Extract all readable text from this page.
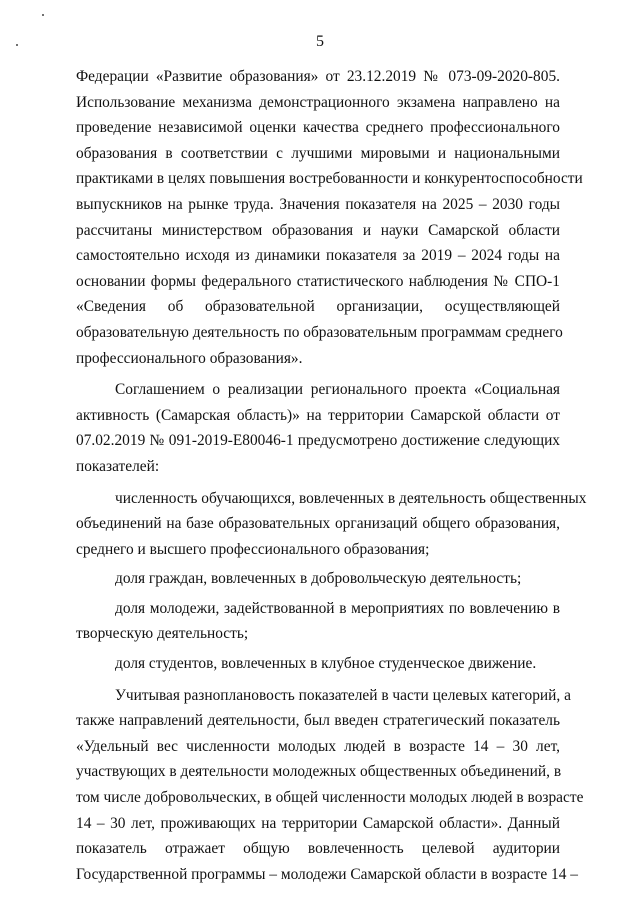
5
Федерации «Развитие образования» от 23.12.2019 № 073-09-2020-805.
Использование механизма демонстрационного экзамена направлено на
проведение независимой оценки качества среднего профессионального
образования в соответствии с лучшими мировыми и национальными
практиками в целях повышения востребованности и конкурентоспособности
выпускников на рынке труда. Значения показателя на 2025 – 2030 годы
рассчитаны министерством образования и науки Самарской области
самостоятельно исходя из динамики показателя за 2019 – 2024 годы на
основании формы федерального статистического наблюдения № СПО-1
«Сведения об образовательной организации, осуществляющей
образовательную деятельность по образовательным программам среднего
профессионального образования».
Соглашением о реализации регионального проекта «Социальная
активность (Самарская область)» на территории Самарской области от
07.02.2019 № 091-2019-Е80046-1 предусмотрено достижение следующих
показателей:
численность обучающихся, вовлеченных в деятельность общественных
объединений на базе образовательных организаций общего образования,
среднего и высшего профессионального образования;
доля граждан, вовлеченных в добровольческую деятельность;
доля молодежи, задействованной в мероприятиях по вовлечению в
творческую деятельность;
доля студентов, вовлеченных в клубное студенческое движение.
Учитывая разноплановость показателей в части целевых категорий, а
также направлений деятельности, был введен стратегический показатель
«Удельный вес численности молодых людей в возрасте 14 – 30 лет,
участвующих в деятельности молодежных общественных объединений, в
том числе добровольческих, в общей численности молодых людей в возрасте
14 – 30 лет, проживающих на территории Самарской области». Данный
показатель отражает общую вовлеченность целевой аудитории
Государственной программы – молодежи Самарской области в возрасте 14 –
